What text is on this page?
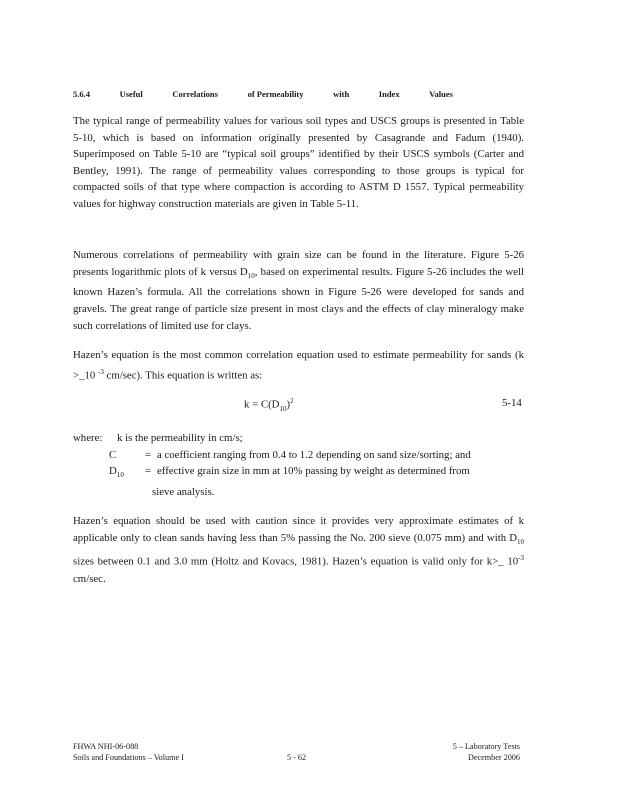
5.6.4	Useful	Correlations	of Permeability	with	Index	Values
The typical range of permeability values for various soil types and USCS groups is presented in Table 5-10, which is based on information originally presented by Casagrande and Fadum (1940). Superimposed on Table 5-10 are “typical soil groups” identified by their USCS symbols (Carter and Bentley, 1991). The range of permeability values corresponding to those groups is typical for compacted soils of that type where compaction is according to ASTM D 1557. Typical permeability values for highway construction materials are given in Table 5-11.
Numerous correlations of permeability with grain size can be found in the literature. Figure 5-26 presents logarithmic plots of k versus $D_{10}$, based on experimental results. Figure 5-26 includes the well known Hazen’s formula. All the correlations shown in Figure 5-26 were developed for sands and gravels. The great range of particle size present in most clays and the effects of clay mineralogy make such correlations of limited use for clays.
Hazen’s equation is the most common correlation equation used to estimate permeability for sands (k >_10 $^{-3}$ cm/sec). This equation is written as:
$k = C(D_{10})^2$	5-14
where:	k is the permeability in cm/s;
C	= a coefficient ranging from 0.4 to 1.2 depending on sand size/sorting; and
$D_{10}$	= effective grain size in mm at 10% passing by weight as determined from
sieve analysis.
Hazen’s equation should be used with caution since it provides very approximate estimates of k applicable only to clean sands having less than 5% passing the No. 200 sieve (0.075 mm) and with $D_{10}$ sizes between 0.1 and 3.0 mm (Holtz and Kovacs, 1981). Hazen’s equation is valid only for k>_ $10^{-3}$ cm/sec.
FHWA NHI-06-088
Soils and Foundations – Volume I	5 - 62
5 – Laboratory Tests
December 2006
